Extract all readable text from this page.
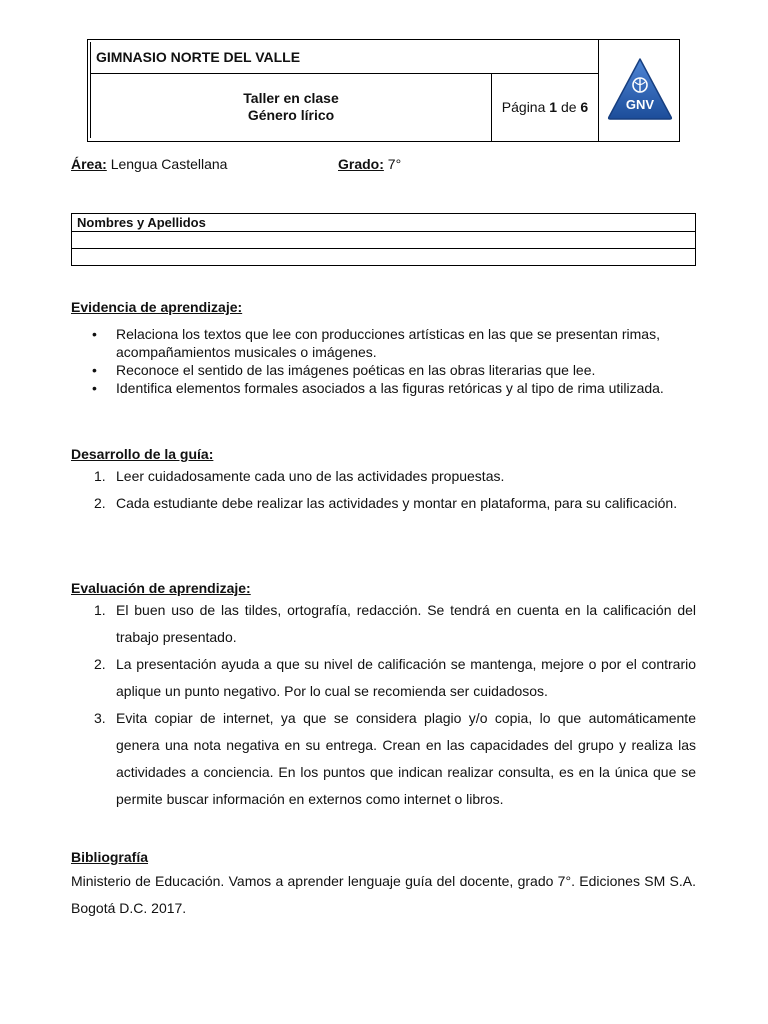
GIMNASIO NORTE DEL VALLE
Taller en clase
Género lírico	Página 1 de 6	GNV
Área: Lengua Castellana	Grado: 7°
Nombres y Apellidos

Evidencia de aprendizaje:
• Relaciona los textos que lee con producciones artísticas en las que se presentan rimas, acompañamientos musicales o imágenes.
• Reconoce el sentido de las imágenes poéticas en las obras literarias que lee.
• Identifica elementos formales asociados a las figuras retóricas y al tipo de rima utilizada.
Desarrollo de la guía:
1. Leer cuidadosamente cada uno de las actividades propuestas.
2. Cada estudiante debe realizar las actividades y montar en plataforma, para su calificación.
Evaluación de aprendizaje:
1. El buen uso de las tildes, ortografía, redacción. Se tendrá en cuenta en la calificación del trabajo presentado.
2. La presentación ayuda a que su nivel de calificación se mantenga, mejore o por el contrario aplique un punto negativo. Por lo cual se recomienda ser cuidadosos.
3. Evita copiar de internet, ya que se considera plagio y/o copia, lo que automáticamente genera una nota negativa en su entrega. Crean en las capacidades del grupo y realiza las actividades a conciencia. En los puntos que indican realizar consulta, es en la única que se permite buscar información en externos como internet o libros.
Bibliografía

Ministerio de Educación. Vamos a aprender lenguaje guía del docente, grado 7°. Ediciones SM S.A. Bogotá D.C. 2017.
